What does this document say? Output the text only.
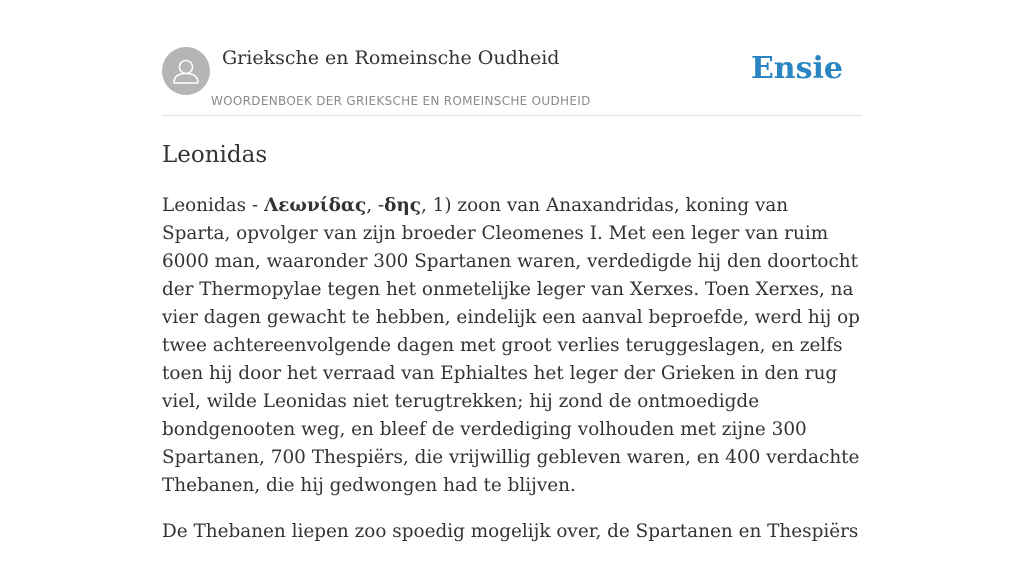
Grieksche en Romeinsche Oudheid
WOORDENBOEK DER GRIEKSCHE EN ROMEINSCHE OUDHEID
Ensie
Leonidas

Leonidas - Λεωνίδας, -δης, 1) zoon van Anaxandridas, koning van Sparta, opvolger van zijn broeder Cleomenes I. Met een leger van ruim 6000 man, waaronder 300 Spartanen waren, verdedigde hij den doortocht der Thermopylae tegen het onmetelijke leger van Xerxes. Toen Xerxes, na vier dagen gewacht te hebben, eindelijk een aanval beproefde, werd hij op twee achtereenvolgende dagen met groot verlies teruggeslagen, en zelfs toen hij door het verraad van Ephialtes het leger der Grieken in den rug viel, wilde Leonidas niet terugtrekken; hij zond de ontmoedigde bondgenooten weg, en bleef de verdediging volhouden met zijne 300 Spartanen, 700 Thespiërs, die vrijwillig gebleven waren, en 400 verdachte Thebanen, die hij gedwongen had te blijven.

De Thebanen liepen zoo spoedig mogelijk over, de Spartanen en Thespiërs
